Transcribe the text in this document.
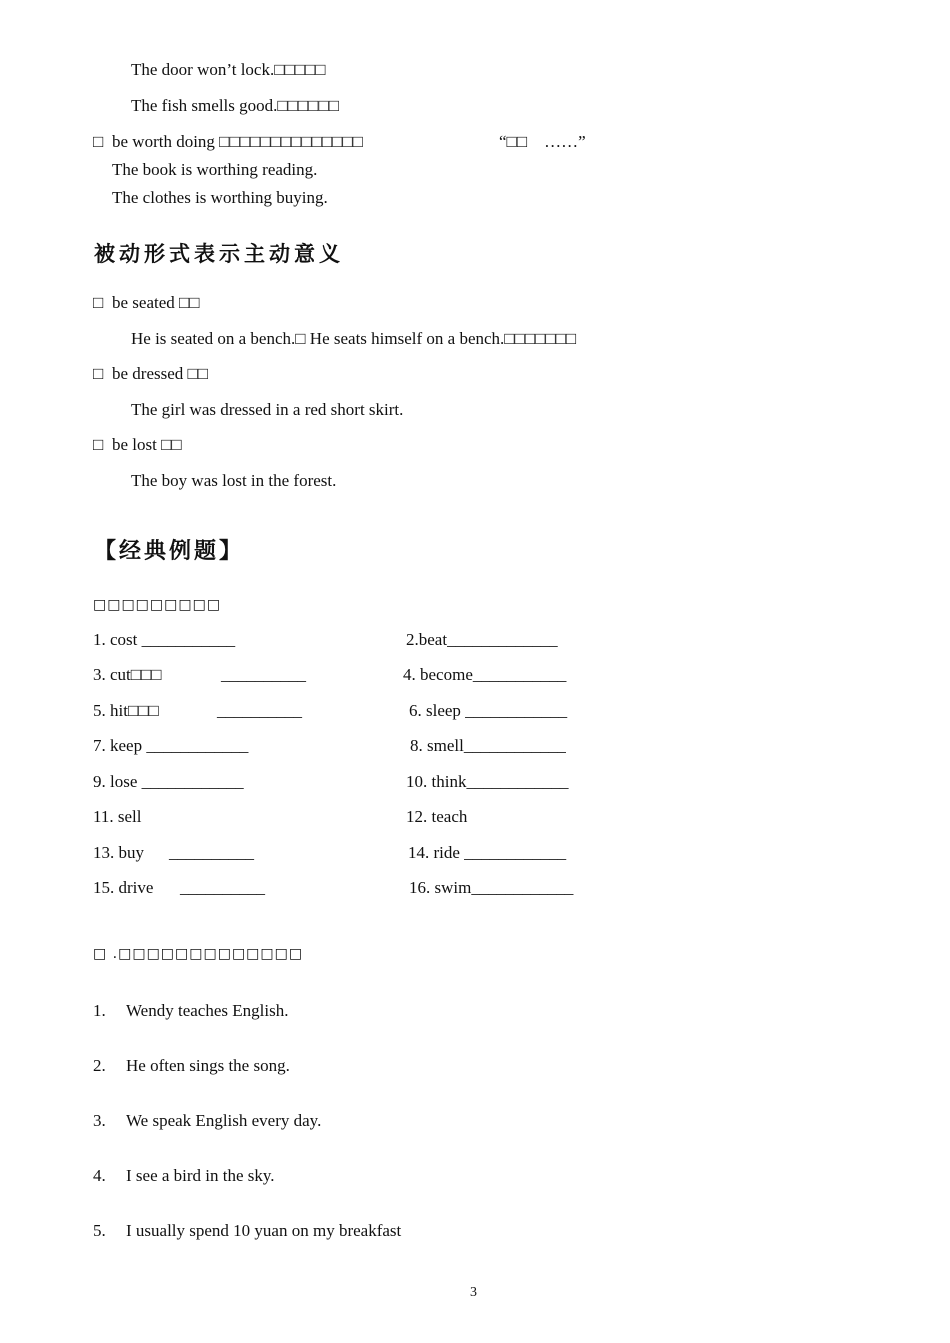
The door won’t lock.□□□□□
The fish smells good.□□□□□□
□ be worth doing □□□□□□□□□□□□□□	“□□　……”
The book is worthing reading.
The clothes is worthing buying.
被动形式表示主动意义
□ be seated □□
He is seated on a bench.□ He seats himself on a bench.□□□□□□□
□ be dressed □□
The girl was dressed in a red short skirt.
□ be lost □□
The boy was lost in the forest.
【经典例题】
□□□□□□□□□
1. cost ___________	2.beat_____________
3. cut□□□	__________	4. become___________
5. hit□□□	__________	6. sleep ____________
7. keep ____________	8. smell____________
9. lose ____________	10. think____________
11. sell	12. teach
13. buy __________	14. ride ____________
15. drive __________	16. swim____________
□ .□□□□□□□□□□□□□
1. Wendy teaches English.
2. He often sings the song.
3. We speak English every day.
4. I see a bird in the sky.
5. I usually spend 10 yuan on my breakfast
3
